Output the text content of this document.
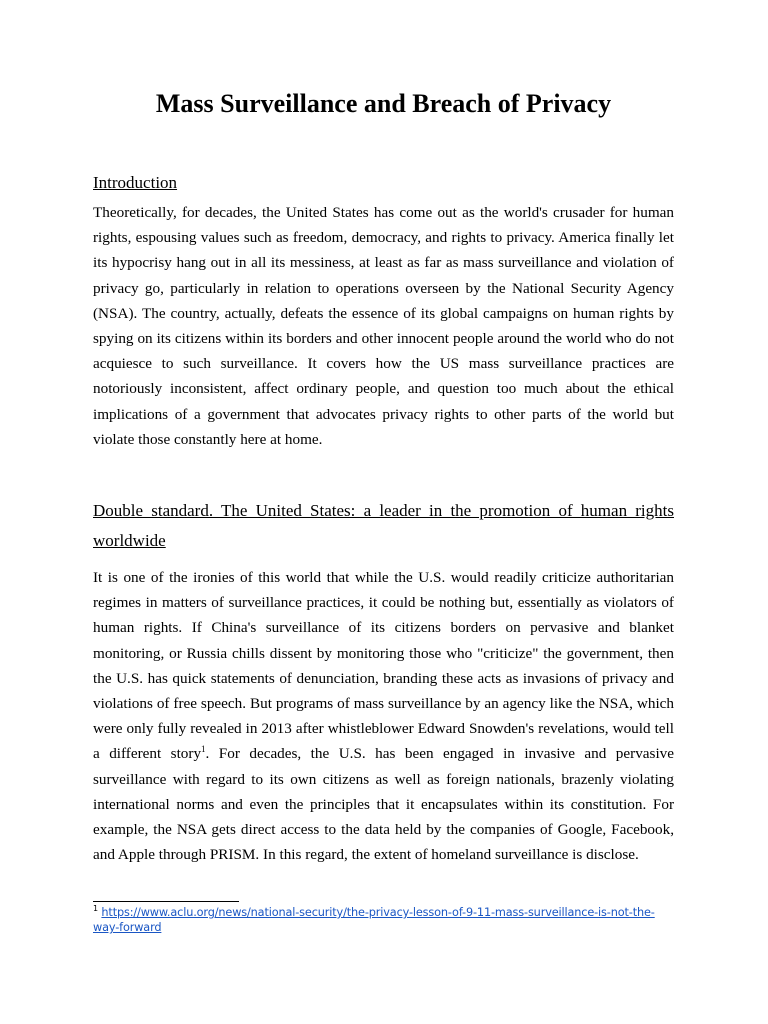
Mass Surveillance and Breach of Privacy
Introduction

Theoretically, for decades, the United States has come out as the world's crusader for human rights, espousing values such as freedom, democracy, and rights to privacy. America finally let its hypocrisy hang out in all its messiness, at least as far as mass surveillance and violation of privacy go, particularly in relation to operations overseen by the National Security Agency (NSA). The country, actually, defeats the essence of its global campaigns on human rights by spying on its citizens within its borders and other innocent people around the world who do not acquiesce to such surveillance. It covers how the US mass surveillance practices are notoriously inconsistent, affect ordinary people, and question too much about the ethical implications of a government that advocates privacy rights to other parts of the world but violate those constantly here at home.

Double standard. The United States: a leader in the promotion of human rights worldwide

It is one of the ironies of this world that while the U.S. would readily criticize authoritarian regimes in matters of surveillance practices, it could be nothing but, essentially as violators of human rights. If China's surveillance of its citizens borders on pervasive and blanket monitoring, or Russia chills dissent by monitoring those who "criticize" the government, then the U.S. has quick statements of denunciation, branding these acts as invasions of privacy and violations of free speech. But programs of mass surveillance by an agency like the NSA, which were only fully revealed in 2013 after whistleblower Edward Snowden's revelations, would tell a different story$^1$. For decades, the U.S. has been engaged in invasive and pervasive surveillance with regard to its own citizens as well as foreign nationals, brazenly violating international norms and even the principles that it encapsulates within its constitution. For example, the NSA gets direct access to the data held by the companies of Google, Facebook, and Apple through PRISM. In this regard, the extent of homeland surveillance is disclose.

$^1$ https://www.aclu.org/news/national-security/the-privacy-lesson-of-9-11-mass-surveillance-is-not-the-way-forward
